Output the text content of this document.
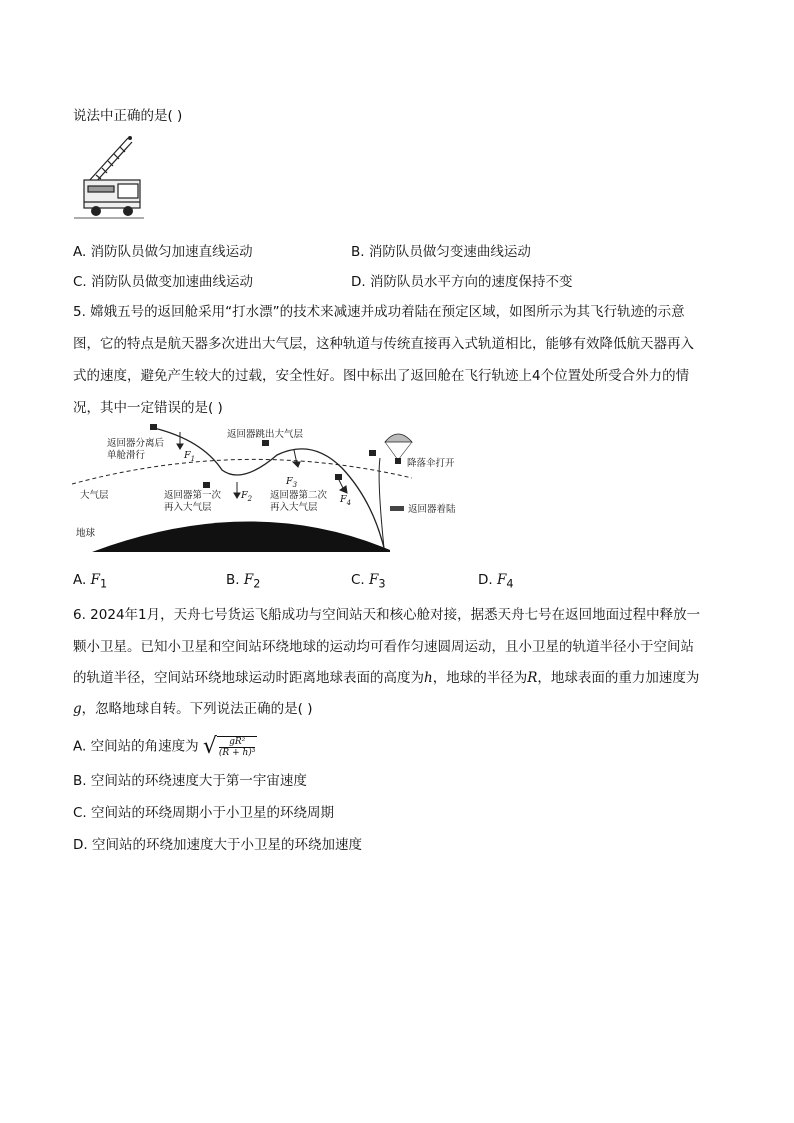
说法中正确的是( )
A. 消防队员做匀加速直线运动	B. 消防队员做匀变速曲线运动
C. 消防队员做变加速曲线运动	D. 消防队员水平方向的速度保持不变
5. 嫦娥五号的返回舱采用“打水漂”的技术来减速并成功着陆在预定区域，如图所示为其飞行轨迹的示意
图，它的特点是航天器多次进出大气层，这种轨道与传统直接再入式轨道相比，能够有效降低航天器再入
式的速度，避免产生较大的过载，安全性好。图中标出了返回舱在飞行轨迹上4个位置处所受合外力的情
况，其中一定错误的是( )
返回器分离后
单舱滑行
返回器跳出大气层
降落伞打开
返回器第一次
再入大气层
返回器第二次
再入大气层	返回器着陆
大气层
地球
$F_1$
$F_2$
$F_3$
$F_4$
A. $F_1$	B. $F_2$	C. $F_3$	D. $F_4$
6. 2024年1月，天舟七号货运飞船成功与空间站天和核心舱对接，据悉天舟七号在返回地面过程中释放一
颗小卫星。已知小卫星和空间站环绕地球的运动均可看作匀速圆周运动，且小卫星的轨道半径小于空间站
的轨道半径，空间站环绕地球运动时距离地球表面的高度为h，地球的半径为R，地球表面的重力加速度为
g，忽略地球自转。下列说法正确的是( )
A. 空间站的角速度为 √ $\frac{\text{gR²}}{\text{(R + h)³}}$
B. 空间站的环绕速度大于第一宇宙速度
C. 空间站的环绕周期小于小卫星的环绕周期
D. 空间站的环绕加速度大于小卫星的环绕加速度
